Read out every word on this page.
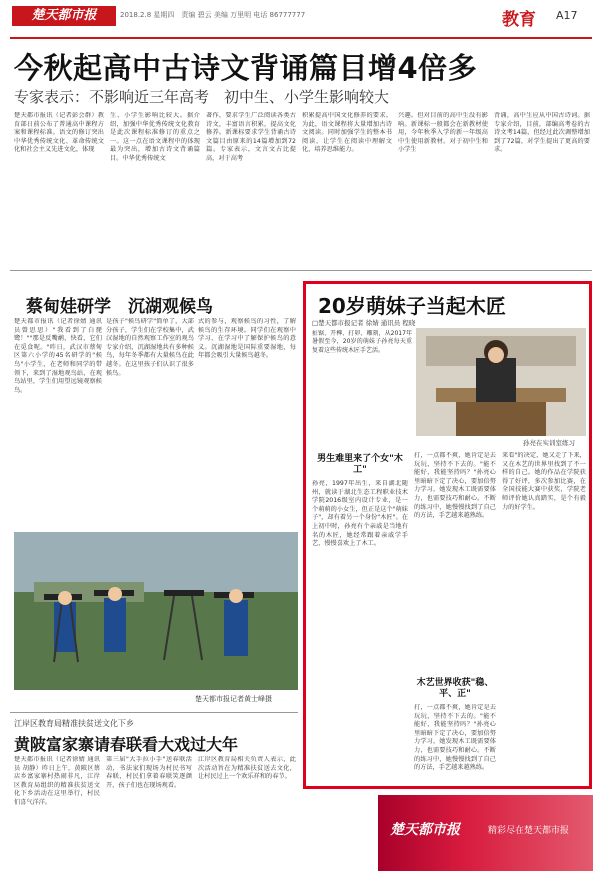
楚天都市报	2018.2.8 星期四　 责编 碧云 美编 万里明 电话 86777777	教育 A17
今秋起高中古诗文背诵篇目增4倍多
专家表示：不影响近三年高考　初中生、小学生影响较大
楚天都市报讯（记者彭会群）教育部日前公布了普通高中课程方案和课程标准。语文的修订突出中华优秀传统文化、革命传统文化和社会主义先进文化，体现
生、小学生影响比较大。据介绍，加强中华优秀传统文化教育是此次课程标准修订的重点之一。这一点在语文课程中的体现最为突出，增加古诗文背诵篇目。中华优秀传统文
著作，要求学生广泛阅读各类古诗文，丰富语言积累，提高文化修养。新课标要求学生背诵古诗文篇目由原来的14篇增加到72篇。专家表示，文言文占比提高，对于高考
积累提高中国文化修养的要求。为此，语文课程将大量增加古诗文阅读。同时加强学生的整本书阅读，让学生在阅读中理解文化，培养思维能力。
兴趣。但对目前的高中生没有影响。新课标一般都会在新教材使用，今年秋季入学的新一年级高中生使用新教材。对于初中生和小学生
背诵，高中生应从中国古诗词。据专家介绍，目前，部编高考卷的古诗文考14篇，但经过此次调整增加到了72篇，对学生提出了更高的要求。
蔡甸娃研学　沉湖观候鸟
楚天都市报讯（记者徐婧 通讯员曾思思）"我看到了白琵鹭！""那是反嘴鹬，快看，它们在觅食呢。"昨日，武汉市蔡甸区第六小学的45名研学的"候鸟"小学生，在老师和同学的带领下，来到了湿地观鸟站，在观鸟站里，学生们用望远镜观察候鸟。
是孩子"候鸟研学"简单了，大部分孩子，学生们在学校集中，武汉湿地的自然观察工作室的观鸟专家介绍，沉湖湿地共有多种候鸟，每年冬季都有大量候鸟在此越冬。在这里孩子们认识了很多候鸟。
式的参与，观察候鸟的习性，了解候鸟的生存环境。同学们在观察中学习，在学习中了解保护候鸟的意义。沉湖湿地是国际重要湿地，每年都会吸引大量候鸟越冬。
楚天都市报记者黄士峰摄
20岁萌妹子当起木匠
□楚天都市报记者 徐婧 通讯员 程晓
扯锯、开榫、打卯、雕刻，从2017年暑假至今，20岁的萌妹子孙亮每天重复着这些传统木匠手艺活。
孙亮在实训室练习
男生难里来了个女"木工"
孙亮，1997年出生，来自湖北随州，就读于湖北生态工程职业技术学院2016级室内设计专业，是一个萌萌的小女生，但正是这个"萌妹子"，却有着另一个身份"木匠"。在上初中时，孙亮有个亲戚是当地有名的木匠，她经常跟着亲戚学手艺，慢慢喜欢上了木工。
打，一点都不爽，她肯定是去玩玩，坚持不下去的。"能不能好，我能坚持吗？"孙亮心里暗暗下定了决心，要加倍努力学习，她发现木工既需要体力，也需要技巧和耐心。不断的练习中，她慢慢找到了自己的方法，手艺越来越熟练。
木艺世界收获"稳、平、正"
打，一点都不爽，她肯定是去玩玩，坚持不下去的。"能不能好，我能坚持吗？"孙亮心里暗暗下定了决心，要加倍努力学习，她发现木工既需要体力，也需要技巧和耐心。不断的练习中，她慢慢找到了自己的方法，手艺越来越熟练。
来看"的决定，她又走了下来，又在木艺的世界里找到了不一样的自己。她的作品在学院获得了好评，多次参加比赛，在全国技能大赛中获奖，学院老师评价她认真踏实，是个有毅力的好学生。
江岸区教育局精准扶贫送文化下乡
黄陂富家寨请春联看大戏过大年
楚天都市报讯（记者徐婧 通讯员 胡静）昨日上午，黄陂区蔡店乡富家寨村热闹非凡，江岸区教育局组织的精准扶贫送文化下乡活动在这里举行，村民们喜气洋洋。
第三届"大手拉小手"送春联活动，书法家们现场为村民书写春联，村民们拿着春联笑逐颜开，孩子们也在现场观看。
江岸区教育局相关负责人表示，此次活动旨在为精准扶贫送去文化，让村民过上一个欢乐祥和的春节。
楚天都市报	精彩尽在楚天都市报
